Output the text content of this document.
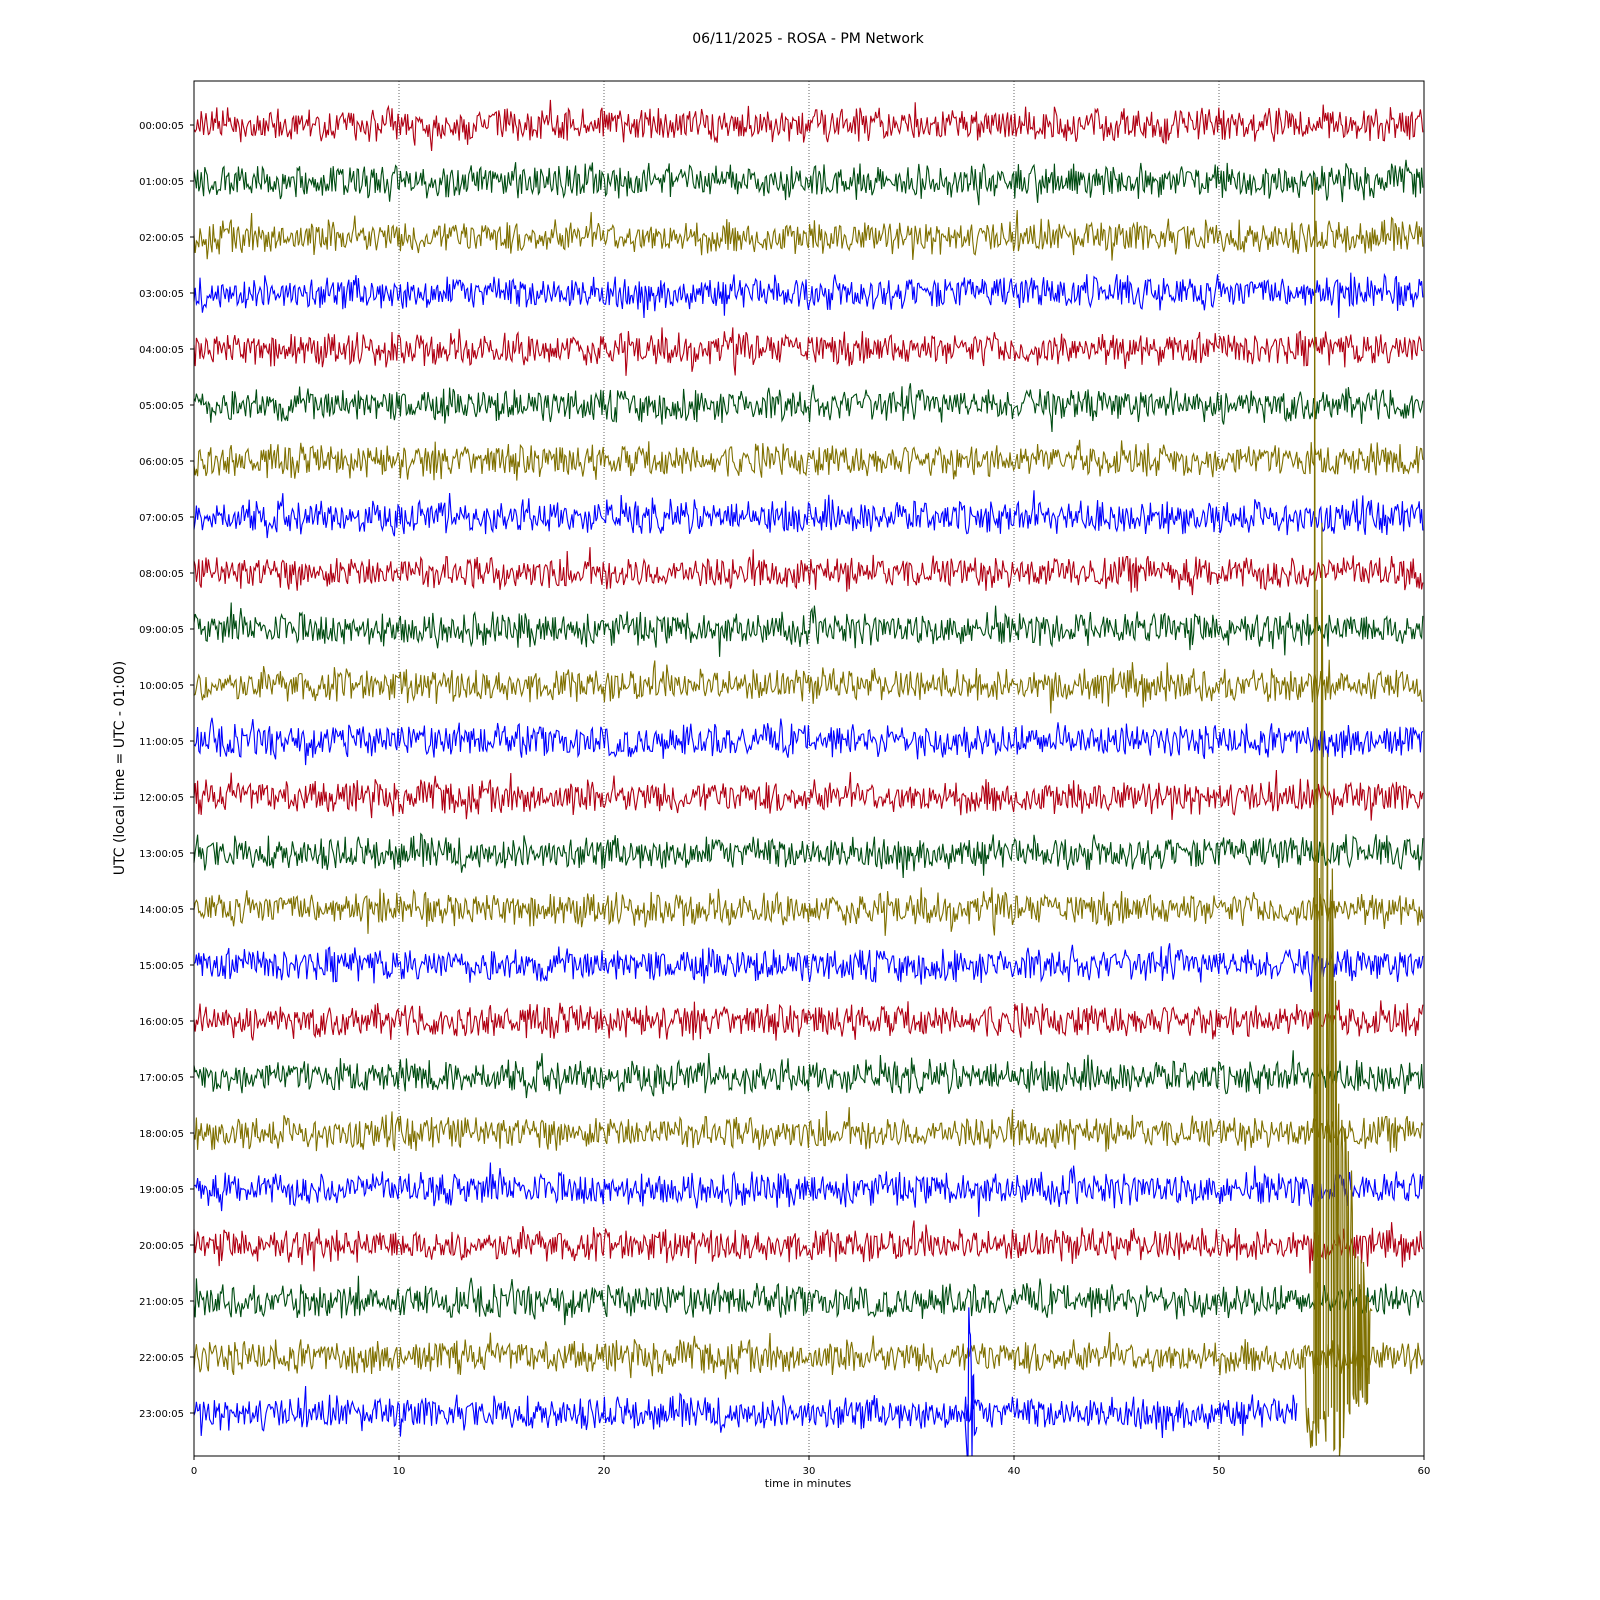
06/11/2025 - ROSA - PM Network
00:00:05
01:00:05
02:00:05
03:00:05
04:00:05
05:00:05
06:00:05
07:00:05
08:00:05
09:00:05
10:00:05
11:00:05
12:00:05
13:00:05
14:00:05
15:00:05
16:00:05
17:00:05
18:00:05
19:00:05
20:00:05
21:00:05
22:00:05
23:00:05
0	10	20	30	40	50	60
time in minutes
UTC (local time = UTC - 01:00)
